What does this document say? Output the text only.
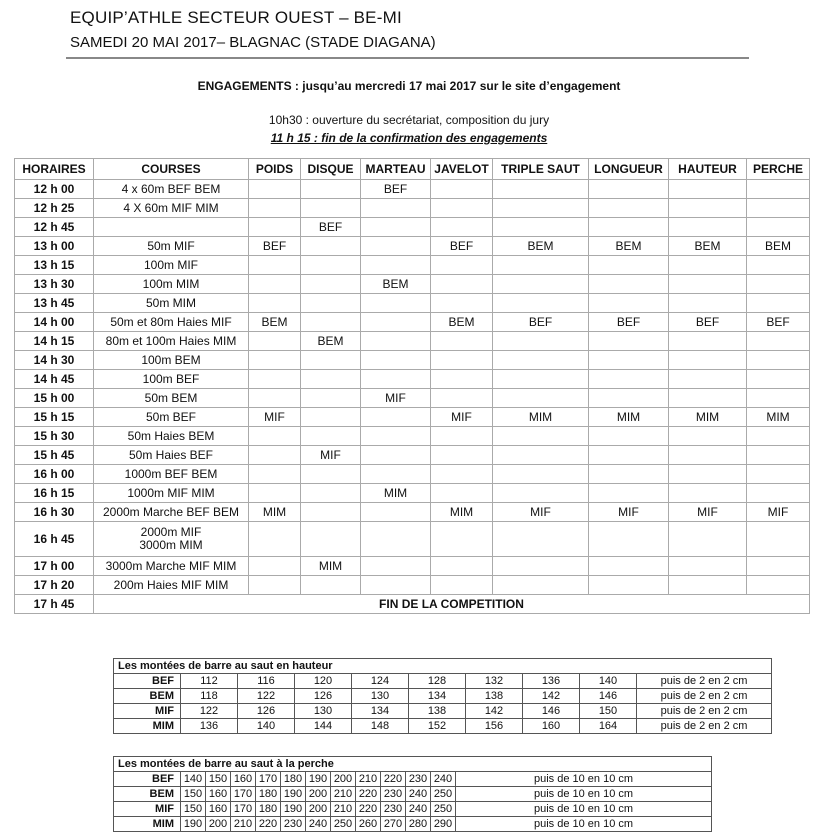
EQUIP’ATHLE SECTEUR OUEST – BE-MI
SAMEDI 20 MAI 2017– BLAGNAC (STADE DIAGANA)
ENGAGEMENTS : jusqu’au mercredi 17 mai 2017 sur le site d’engagement
10h30 : ouverture du secrétariat, composition du jury
11 h 15 : fin de la confirmation des engagements
HORAIRES	COURSES	POIDS	DISQUE	MARTEAU	JAVELOT	TRIPLE SAUT	LONGUEUR	HAUTEUR	PERCHE
12 h 00	4 x 60m BEF BEM			BEF					
12 h 25	4 X 60m MIF MIM								
12 h 45			BEF						
13 h 00	50m MIF	BEF			BEF	BEM	BEM	BEM	BEM
13 h 15	100m MIF								
13 h 30	100m MIM			BEM					
13 h 45	50m MIM								
14 h 00	50m et 80m Haies MIF	BEM			BEM	BEF	BEF	BEF	BEF
14 h 15	80m et 100m Haies MIM		BEM						
14 h 30	100m BEM								
14 h 45	100m BEF								
15 h 00	50m BEM			MIF					
15 h 15	50m BEF	MIF			MIF	MIM	MIM	MIM	MIM
15 h 30	50m Haies BEM								
15 h 45	50m Haies BEF		MIF						
16 h 00	1000m BEF BEM								
16 h 15	1000m MIF MIM			MIM					
16 h 30	2000m Marche BEF BEM	MIM			MIM	MIF	MIF	MIF	MIF
16 h 45	2000m MIF
3000m MIM								

17 h 00	3000m Marche MIF MIM		MIM						
17 h 20	200m Haies MIF MIM								
17 h 45	FIN DE LA COMPETITION								
Les montées de barre au saut en hauteur									
BEF	112	116	120	124	128	132	136	140	puis de 2 en 2 cm
BEM	118	122	126	130	134	138	142	146	puis de 2 en 2 cm
MIF	122	126	130	134	138	142	146	150	puis de 2 en 2 cm
MIM	136	140	144	148	152	156	160	164	puis de 2 en 2 cm
Les montées de barre au saut à la perche												
BEF	140	150	160	170	180	190	200	210	220	230	240	puis de 10 en 10 cm
BEM	150	160	170	180	190	200	210	220	230	240	250	puis de 10 en 10 cm
MIF	150	160	170	180	190	200	210	220	230	240	250	puis de 10 en 10 cm
MIM	190	200	210	220	230	240	250	260	270	280	290	puis de 10 en 10 cm
